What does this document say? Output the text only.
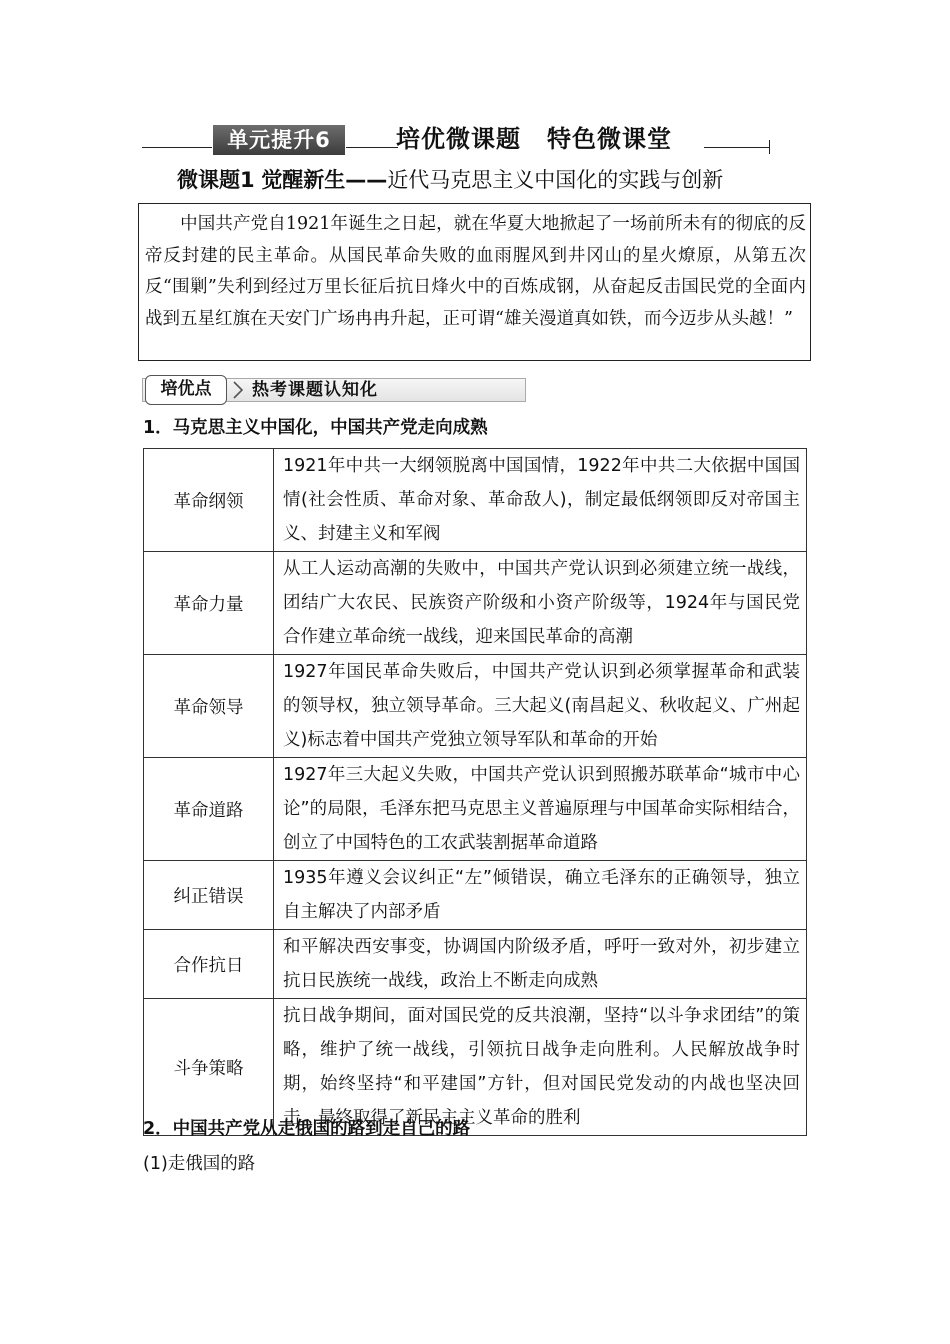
单元提升6	培优微课题 特色微课堂
微课题1 觉醒新生——近代马克思主义中国化的实践与创新
中国共产党自1921年诞生之日起，就在华夏大地掀起了一场前所未有的彻底的反帝反封建的民主革命。从国民革命失败的血雨腥风到井冈山的星火燎原，从第五次反“围剿”失利到经过万里长征后抗日烽火中的百炼成钢，从奋起反击国民党的全面内战到五星红旗在天安门广场冉冉升起，正可谓“雄关漫道真如铁，而今迈步从头越！”
培优点	热考课题认知化
1．马克思主义中国化，中国共产党走向成熟
革命纲领	1921年中共一大纲领脱离中国国情，1922年中共二大依据中国国情(社会性质、革命对象、革命敌人)，制定最低纲领即反对帝国主义、封建主义和军阀
革命力量	从工人运动高潮的失败中，中国共产党认识到必须建立统一战线，团结广大农民、民族资产阶级和小资产阶级等，1924年与国民党合作建立革命统一战线，迎来国民革命的高潮
革命领导	1927年国民革命失败后，中国共产党认识到必须掌握革命和武装的领导权，独立领导革命。三大起义(南昌起义、秋收起义、广州起义)标志着中国共产党独立领导军队和革命的开始
革命道路	1927年三大起义失败，中国共产党认识到照搬苏联革命“城市中心论”的局限，毛泽东把马克思主义普遍原理与中国革命实际相结合，创立了中国特色的工农武装割据革命道路
纠正错误	1935年遵义会议纠正“左”倾错误，确立毛泽东的正确领导，独立自主解决了内部矛盾
合作抗日	和平解决西安事变，协调国内阶级矛盾，呼吁一致对外，初步建立抗日民族统一战线，政治上不断走向成熟
斗争策略	抗日战争期间，面对国民党的反共浪潮，坚持“以斗争求团结”的策略，维护了统一战线，引领抗日战争走向胜利。人民解放战争时期，始终坚持“和平建国”方针，但对国民党发动的内战也坚决回击，最终取得了新民主主义革命的胜利
2．中国共产党从走俄国的路到走自己的路
(1)走俄国的路
